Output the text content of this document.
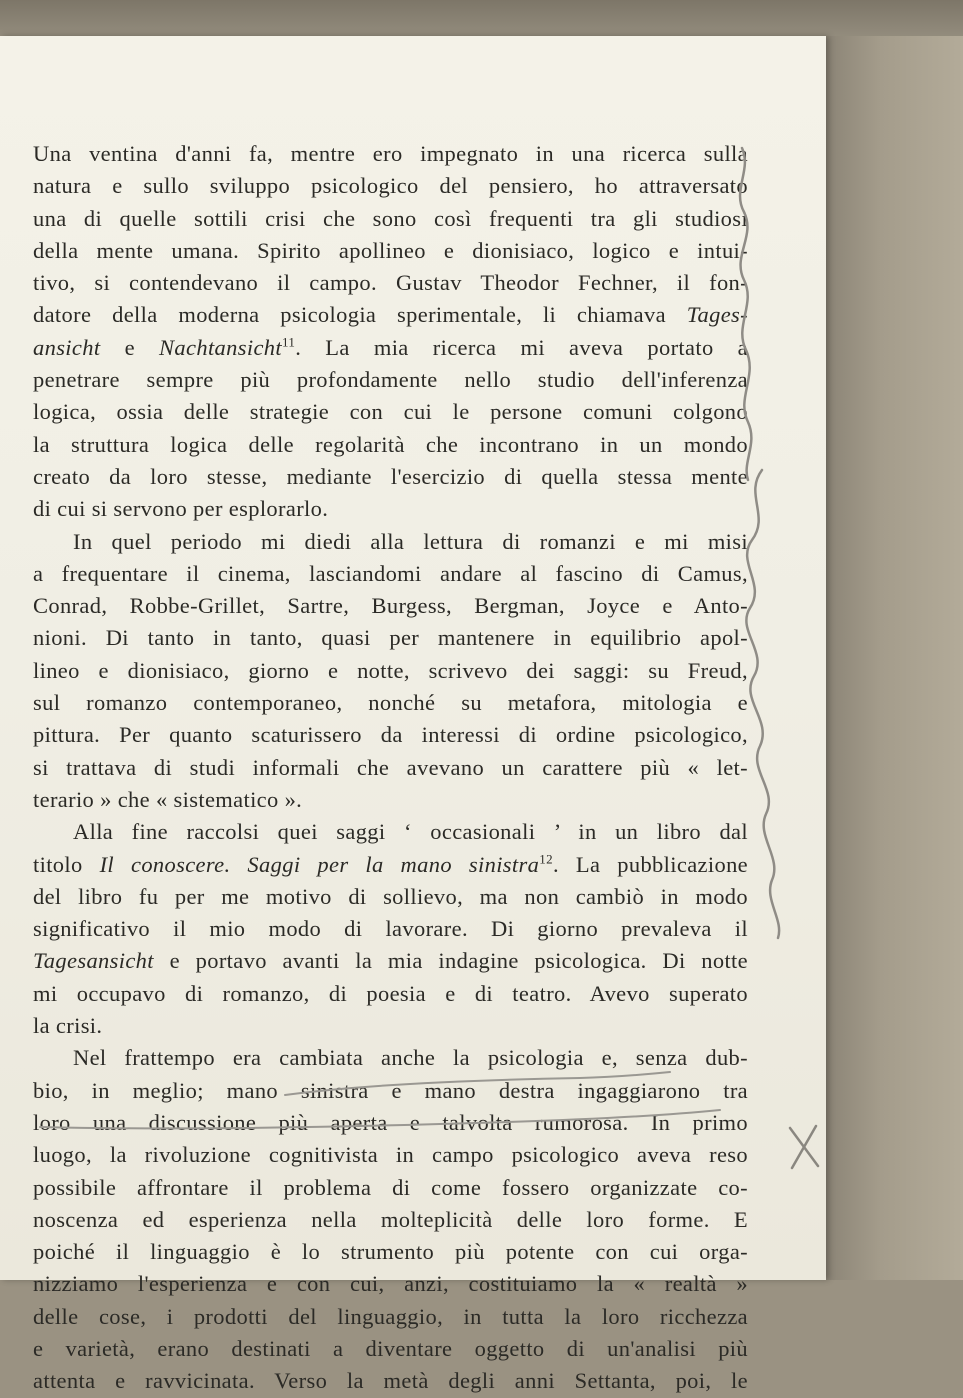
Una ventina d'anni fa, mentre ero impegnato in una ricerca sulla
natura e sullo sviluppo psicologico del pensiero, ho attraversato
una di quelle sottili crisi che sono così frequenti tra gli studiosi
della mente umana. Spirito apollineo e dionisiaco, logico e intui-
tivo, si contendevano il campo. Gustav Theodor Fechner, il fon-
datore della moderna psicologia sperimentale, li chiamava Tages-
ansicht e Nachtansicht$^{11}$. La mia ricerca mi aveva portato a
penetrare sempre più profondamente nello studio dell'inferenza
logica, ossia delle strategie con cui le persone comuni colgono
la struttura logica delle regolarità che incontrano in un mondo
creato da loro stesse, mediante l'esercizio di quella stessa mente
di cui si servono per esplorarlo.

In quel periodo mi diedi alla lettura di romanzi e mi misi
a frequentare il cinema, lasciandomi andare al fascino di Camus,
Conrad, Robbe-Grillet, Sartre, Burgess, Bergman, Joyce e Anto-
nioni. Di tanto in tanto, quasi per mantenere in equilibrio apol-
lineo e dionisiaco, giorno e notte, scrivevo dei saggi: su Freud,
sul romanzo contemporaneo, nonché su metafora, mitologia e
pittura. Per quanto scaturissero da interessi di ordine psicologico,
si trattava di studi informali che avevano un carattere più « let-
terario » che « sistematico ».

Alla fine raccolsi quei saggi ‘ occasionali ’ in un libro dal
titolo Il conoscere. Saggi per la mano sinistra$^{12}$. La pubblicazione
del libro fu per me motivo di sollievo, ma non cambiò in modo
significativo il mio modo di lavorare. Di giorno prevaleva il
Tagesansicht e portavo avanti la mia indagine psicologica. Di notte
mi occupavo di romanzo, di poesia e di teatro. Avevo superato
la crisi.

Nel frattempo era cambiata anche la psicologia e, senza dub-
bio, in meglio; mano sinistra e mano destra ingaggiarono tra
loro una discussione più aperta e talvolta rumorosa. In primo
luogo, la rivoluzione cognitivista in campo psicologico aveva reso
possibile affrontare il problema di come fossero organizzate co-
noscenza ed esperienza nella molteplicità delle loro forme. E
poiché il linguaggio è lo strumento più potente con cui orga-
nizziamo l'esperienza e con cui, anzi, costituiamo la « realtà »
delle cose, i prodotti del linguaggio, in tutta la loro ricchezza
e varietà, erano destinati a diventare oggetto di un'analisi più
attenta e ravvicinata. Verso la metà degli anni Settanta, poi, le
